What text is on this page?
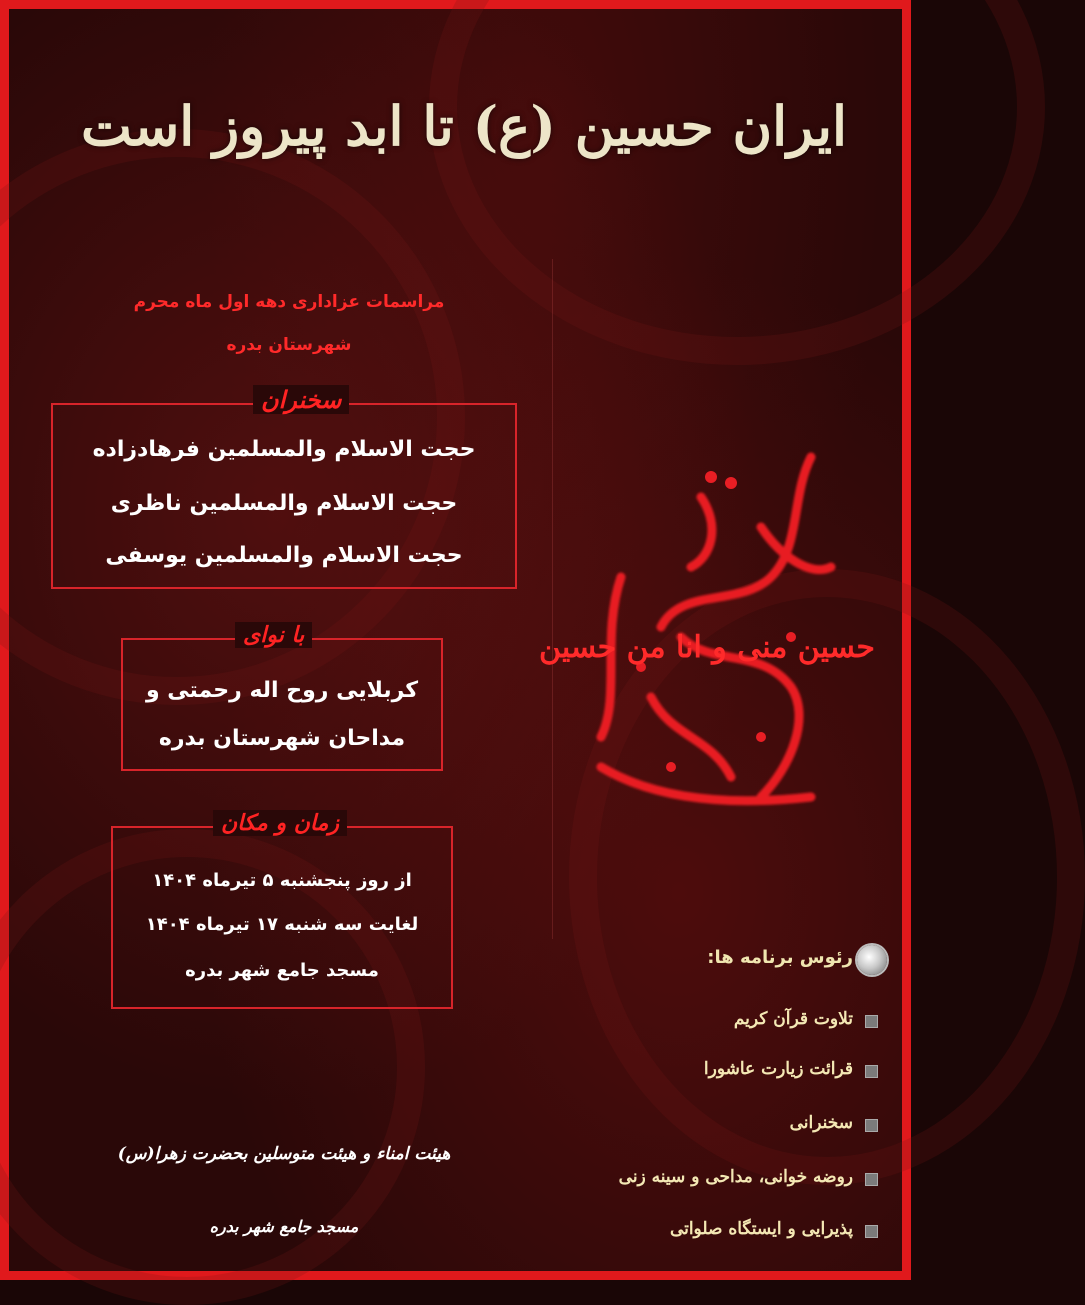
ایران حسین (ع) تا ابد پیروز است
مراسمات عزاداری دهه اول ماه محرم
شهرستان بدره
سخنران
حجت الاسلام والمسلمین فرهادزاده
حجت الاسلام والمسلمین ناظری
حجت الاسلام والمسلمین یوسفی
با نوای
کربلایی روح اله رحمتی و
مداحان شهرستان بدره
زمان و مکان
از روز پنجشنبه ۵ تیرماه ۱۴۰۴
لغایت سه شنبه ۱۷ تیرماه ۱۴۰۴
مسجد جامع شهر بدره
حسین منی و انا من حسین
رئوس برنامه ها:
تلاوت قرآن کریم
قرائت زیارت عاشورا
سخنرانی
روضه خوانی، مداحی و سینه زنی
پذیرایی و ایستگاه صلواتی
هیئت امناء و هیئت متوسلین بحضرت زهرا(س)
مسجد جامع شهر بدره
